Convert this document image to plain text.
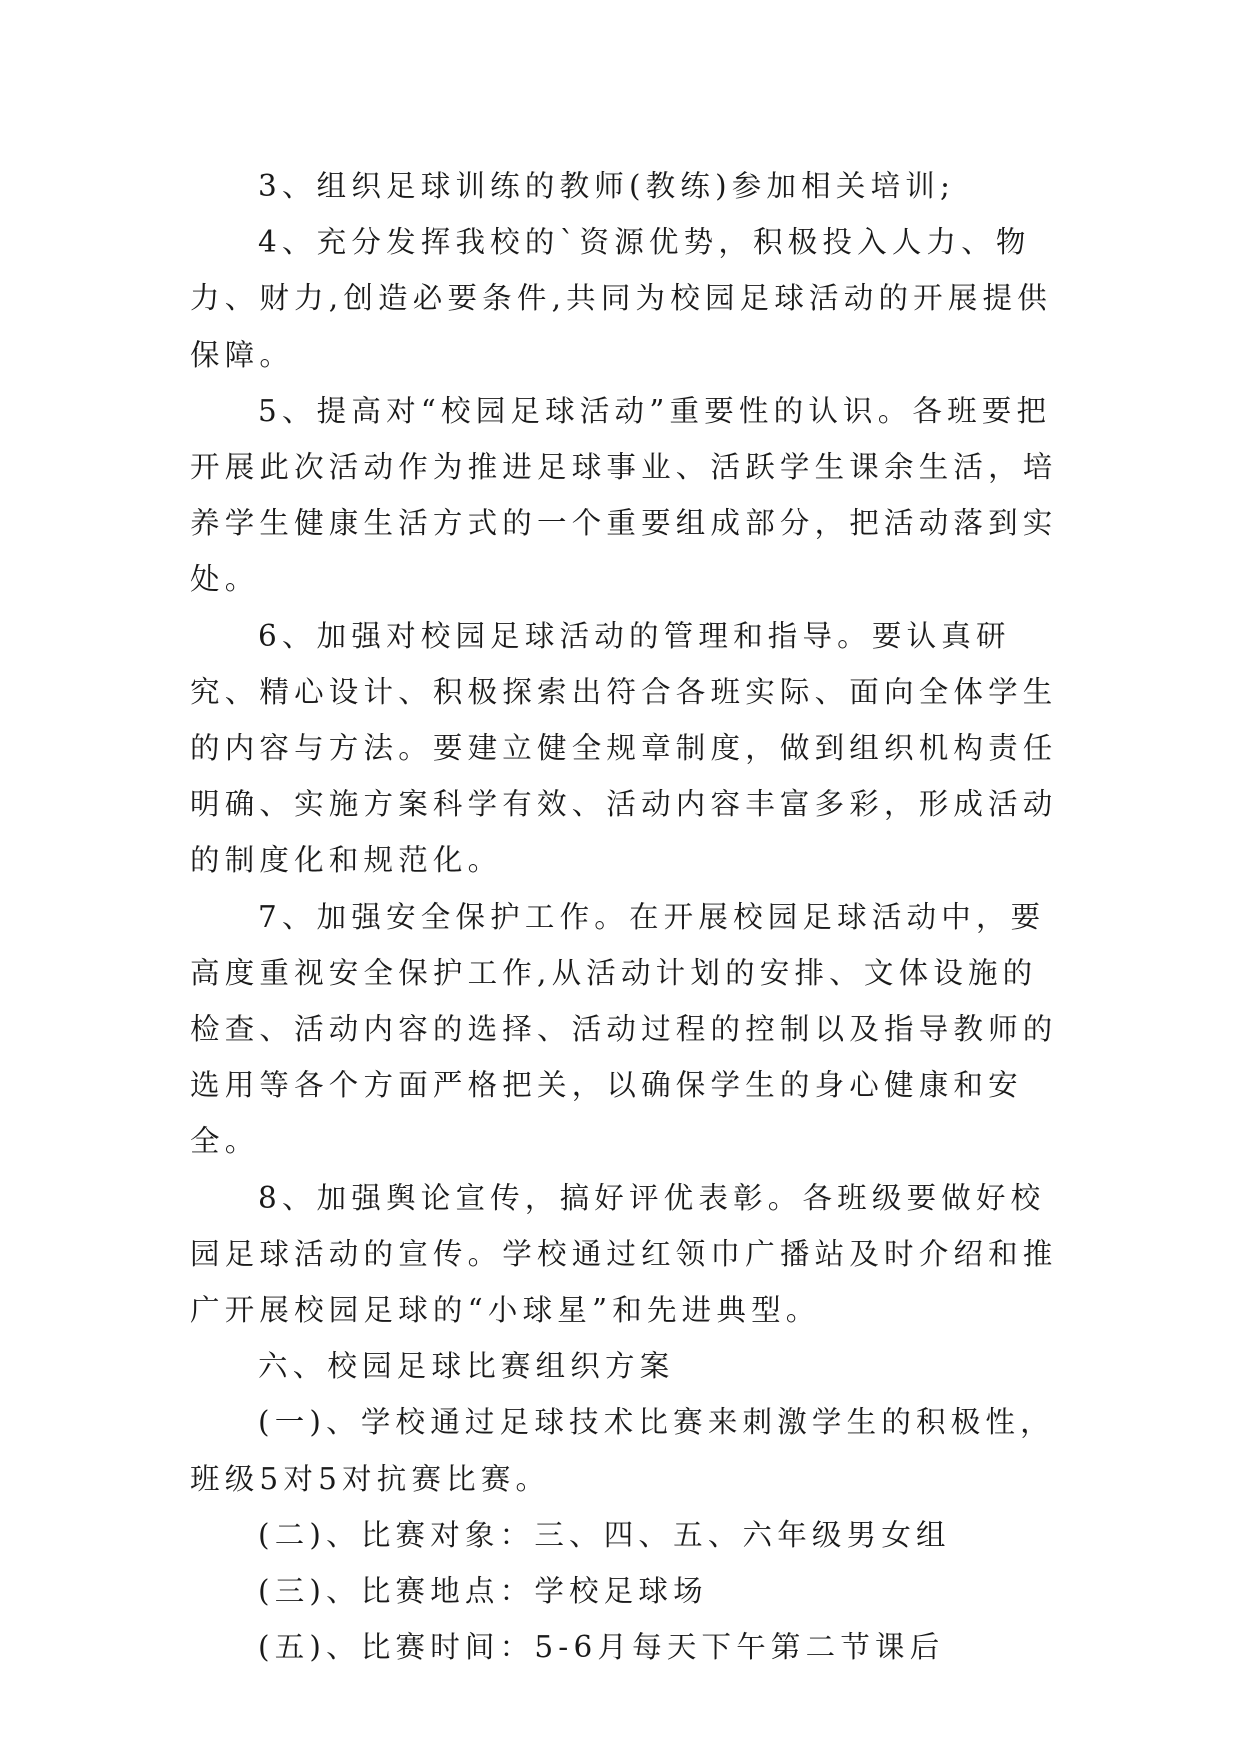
3、组织足球训练的教师(教练)参加相关培训;

4、充分发挥我校的`资源优势，积极投入人力、物力、财力,创造必要条件,共同为校园足球活动的开展提供保障。

5、提高对“校园足球活动”重要性的认识。各班要把开展此次活动作为推进足球事业、活跃学生课余生活，培养学生健康生活方式的一个重要组成部分，把活动落到实处。

6、加强对校园足球活动的管理和指导。要认真研究、精心设计、积极探索出符合各班实际、面向全体学生的内容与方法。要建立健全规章制度，做到组织机构责任明确、实施方案科学有效、活动内容丰富多彩，形成活动的制度化和规范化。

7、加强安全保护工作。在开展校园足球活动中，要高度重视安全保护工作,从活动计划的安排、文体设施的检查、活动内容的选择、活动过程的控制以及指导教师的选用等各个方面严格把关，以确保学生的身心健康和安全。

8、加强舆论宣传，搞好评优表彰。各班级要做好校园足球活动的宣传。学校通过红领巾广播站及时介绍和推广开展校园足球的“小球星”和先进典型。

六、校园足球比赛组织方案

(一)、学校通过足球技术比赛来刺激学生的积极性，班级5对5对抗赛比赛。

(二)、比赛对象：三、四、五、六年级男女组

(三)、比赛地点：学校足球场

(五)、比赛时间：5-6月每天下午第二节课后
